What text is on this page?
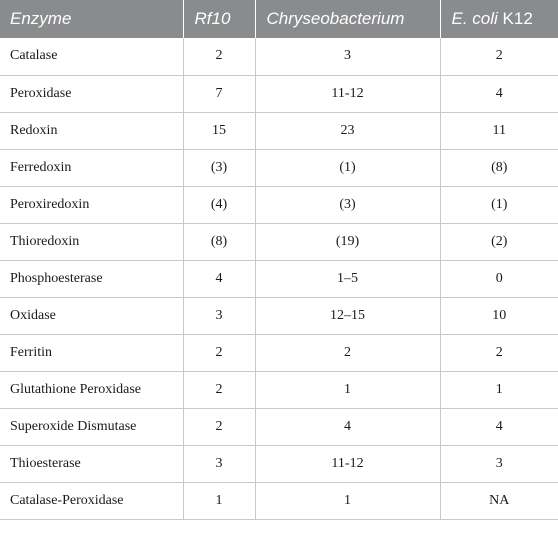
Enzyme	Rf10	Chryseobacterium	E. coli K12
Catalase	2	3	2
Peroxidase	7	11-12	4
Redoxin	15	23	11
Ferredoxin	(3)	(1)	(8)
Peroxiredoxin	(4)	(3)	(1)
Thioredoxin	(8)	(19)	(2)
Phosphoesterase	4	1–5	0
Oxidase	3	12–15	10
Ferritin	2	2	2
Glutathione Peroxidase	2	1	1
Superoxide Dismutase	2	4	4
Thioesterase	3	11-12	3
Catalase-Peroxidase	1	1	NA
